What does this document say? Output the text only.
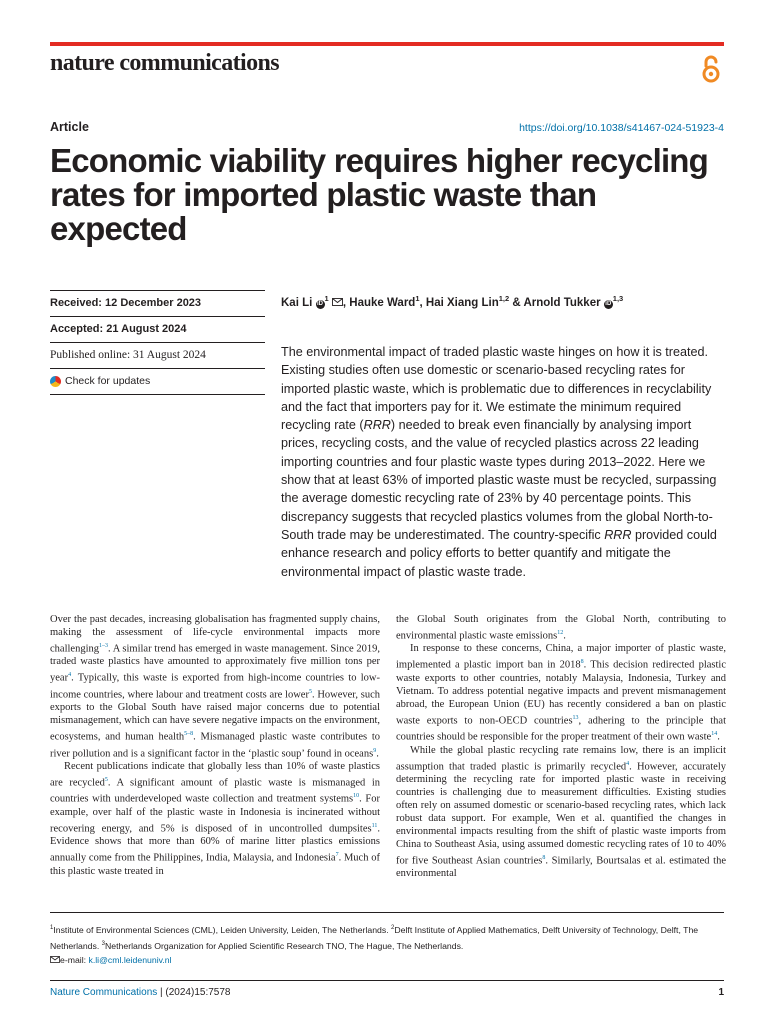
nature communications
Article	https://doi.org/10.1038/s41467-024-51923-4
Economic viability requires higher recycling rates for imported plastic waste than expected
Received: 12 December 2023
Accepted: 21 August 2024
Published online: 31 August 2024
Check for updates
Kai Li $iD^1$ , Hauke Ward$^1$, Hai Xiang Lin$^{1,2}$ & Arnold Tukker iD$^{1,3}$

The environmental impact of traded plastic waste hinges on how it is treated. Existing studies often use domestic or scenario-based recycling rates for imported plastic waste, which is problematic due to differences in recyclability and the fact that importers pay for it. We estimate the minimum required recycling rate (RRR) needed to break even financially by analysing import prices, recycling costs, and the value of recycled plastics across 22 leading importing countries and four plastic waste types during 2013–2022. Here we show that at least 63% of imported plastic waste must be recycled, surpassing the average domestic recycling rate of 23% by 40 percentage points. This discrepancy suggests that recycled plastics volumes from the global North-to-South trade may be underestimated. The country-specific RRR provided could enhance research and policy efforts to better quantify and mitigate the environmental impact of plastic waste trade.

Over the past decades, increasing globalisation has fragmented supply chains, making the assessment of life-cycle environmental impacts more challenging$^{1-3}$. A similar trend has emerged in waste management. Since 2019, traded waste plastics have amounted to approximately five million tons per year$^4$. Typically, this waste is exported from high-income countries to low-income countries, where labour and treatment costs are lower$^5$. However, such exports to the Global South have raised major concerns due to potential mismanagement, which can have severe negative impacts on the environment, ecosystems, and human health$^{5-8}$. Mismanaged plastic waste contributes to river pollution and is a significant factor in the ‘plastic soup’ found in oceans$^9$.

Recent publications indicate that globally less than 10% of waste plastics are recycled$^5$. A significant amount of plastic waste is mismanaged in countries with underdeveloped waste collection and treatment systems$^{10}$. For example, over half of the plastic waste in Indonesia is incinerated without recovering energy, and 5% is disposed of in uncontrolled dumpsites$^{11}$. Evidence shows that more than 60% of marine litter plastics emissions annually come from the Philippines, India, Malaysia, and Indonesia$^7$. Much of this plastic waste treated in

the Global South originates from the Global North, contributing to environmental plastic waste emissions$^{12}$.

In response to these concerns, China, a major importer of plastic waste, implemented a plastic import ban in 2018$^8$. This decision redirected plastic waste exports to other countries, notably Malaysia, Indonesia, Turkey and Vietnam. To address potential negative impacts and prevent mismanagement abroad, the European Union (EU) has recently considered a ban on plastic waste exports to non-OECD countries$^{13}$, adhering to the principle that countries should be responsible for the proper treatment of their own waste$^{14}$.

While the global plastic recycling rate remains low, there is an implicit assumption that traded plastic is primarily recycled$^4$. However, accurately determining the recycling rate for imported plastic waste in receiving countries is challenging due to measurement difficulties. Existing studies often rely on assumed domestic or scenario-based recycling rates, which lack robust data support. For example, Wen et al. quantified the changes in environmental impacts resulting from the shift of plastic waste imports from China to Southeast Asia, using assumed domestic recycling rates of 10 to 40% for five Southeast Asian countries$^8$. Similarly, Bourtsalas et al. estimated the environmental

$^1$Institute of Environmental Sciences (CML), Leiden University, Leiden, The Netherlands. $^2$Delft Institute of Applied Mathematics, Delft University of Technology, Delft, The Netherlands. $^3$Netherlands Organization for Applied Scientific Research TNO, The Hague, The Netherlands.
e-mail: k.li@cml.leidenuniv.nl
Nature Communications | (2024)15:7578	1
